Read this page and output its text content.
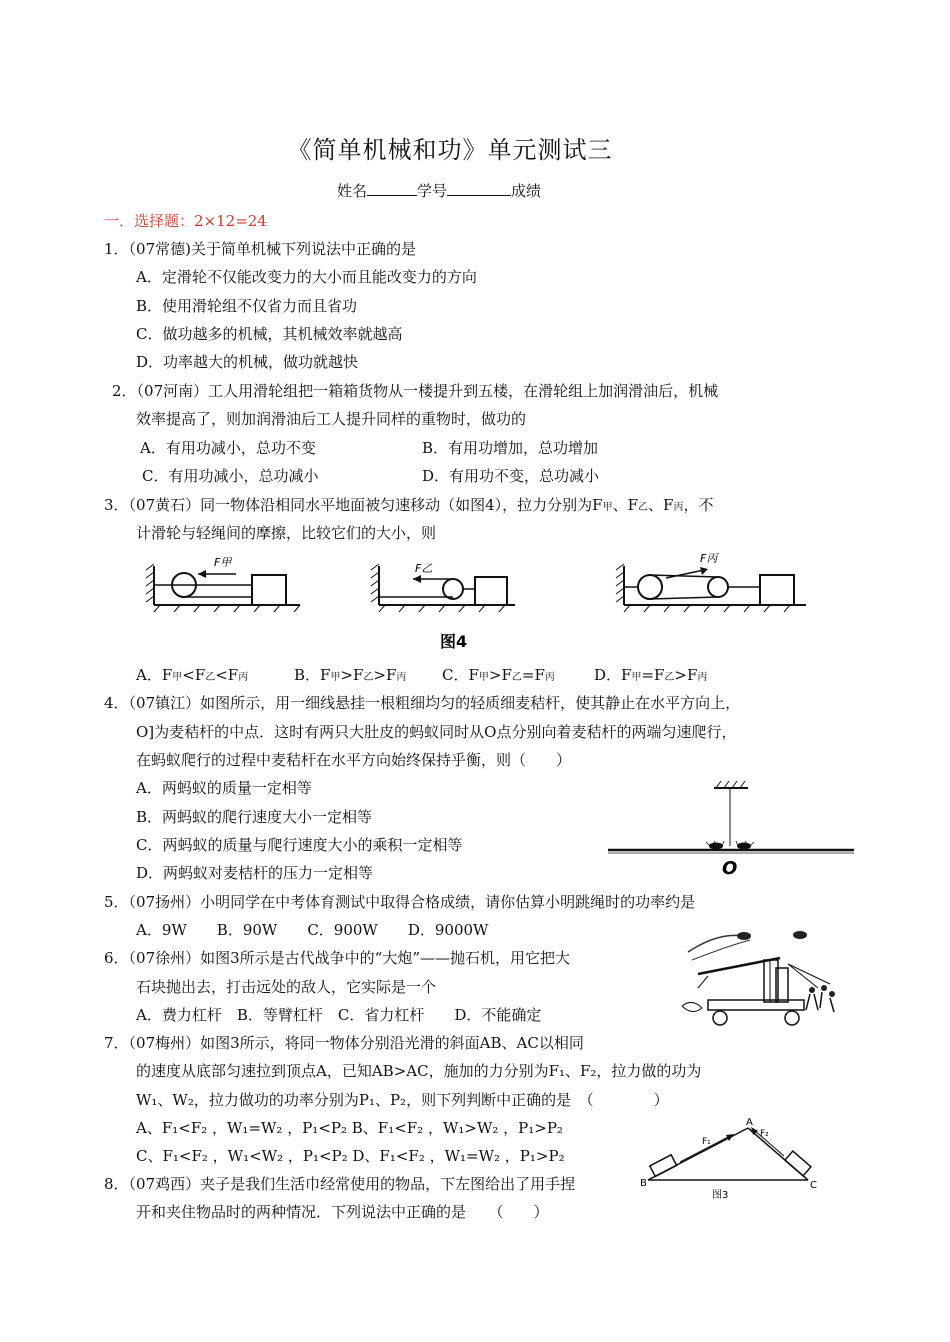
《简单机械和功》单元测试三
姓名	学号	成绩
一．选择题：2×12=24
1．（07常德)关于简单机械下列说法中正确的是
A．定滑轮不仅能改变力的大小而且能改变力的方向
B．使用滑轮组不仅省力而且省功
C．做功越多的机械，其机械效率就越高
D．功率越大的机械，做功就越快
2．（07河南）工人用滑轮组把一箱箱货物从一楼提升到五楼，在滑轮组上加润滑油后，机械
效率提高了，则加润滑油后工人提升同样的重物时，做功的
A．有用功减小，总功不变	B．有用功增加，总功增加
C．有用功减小，总功减小	D．有用功不变，总功减小
3．（07黄石）同一物体沿相同水平地面被匀速移动（如图4），拉力分别为F甲、F乙、F丙，不
计滑轮与轻绳间的摩擦，比较它们的大小，则
F甲	F乙
F丙
图4
A．F甲<F乙<F丙	B．F甲>F乙>F丙 C．F甲>F乙=F丙	D．F甲=F乙>F丙
4．（07镇江）如图所示，用一细线悬挂一根粗细均匀的轻质细麦秸杆，使其静止在水平方向上，
O]为麦秸杆的中点．这时有两只大肚皮的蚂蚁同时从O点分别向着麦秸杆的两端匀速爬行，
在蚂蚁爬行的过程中麦秸杆在水平方向始终保持乎衡，则（　　）
A．两蚂蚁的质量一定相等
B．两蚂蚁的爬行速度大小一定相等
C．两蚂蚁的质量与爬行速度大小的乘积一定相等
D．两蚂蚁对麦桔杆的压力一定相等	O
5．（07扬州）小明同学在中考体育测试中取得合格成绩，请你估算小明跳绳时的功率约是
A．9W　　B．90W　　C．900W　　D．9000W
6．（07徐州）如图3所示是古代战争中的“大炮”——抛石机，用它把大
石块抛出去，打击远处的敌人，它实际是一个
A．费力杠杆　B．等臂杠杆　C．省力杠杆　　D．不能确定
7．（07梅州）如图3所示，将同一物体分别沿光滑的斜面AB、AC以相同
的速度从底部匀速拉到顶点A，已知AB>AC，施加的力分别为F₁、F₂，拉力做的功为
W₁、W₂，拉力做功的功率分别为P₁、P₂，则下列判断中正确的是　（　　　　）
A、F₁<F₂ ，W₁=W₂ ，P₁<P₂ B、F₁<F₂ ，W₁>W₂ ，P₁>P₂
C、F₁<F₂ ，W₁<W₂ ，P₁<P₂ D、F₁<F₂ ，W₁=W₂ ，P₁>P₂
A
B	C
F₁
F₂
图3
8．（07鸡西）夹子是我们生活巾经常使用的物品，下左图给出了用手捏
开和夹住物品时的两种情况．下列说法中正确的是　　（　　）
